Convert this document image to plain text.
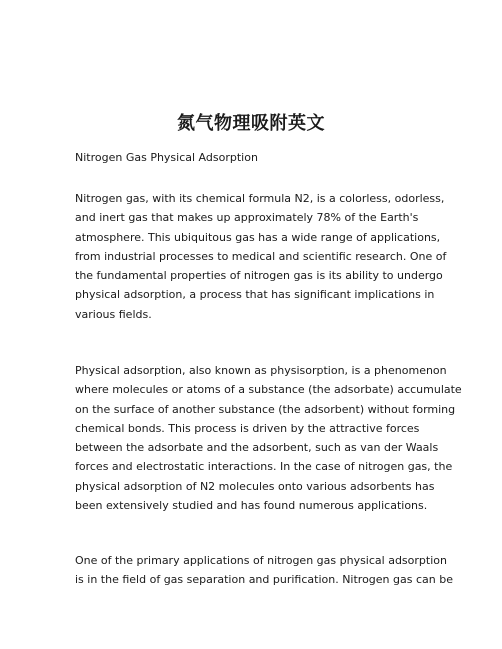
氮气物理吸附英文
Nitrogen Gas Physical Adsorption
Nitrogen gas, with its chemical formula N2, is a colorless, odorless,
and inert gas that makes up approximately 78% of the Earth's
atmosphere. This ubiquitous gas has a wide range of applications,
from industrial processes to medical and scientific research. One of
the fundamental properties of nitrogen gas is its ability to undergo
physical adsorption, a process that has significant implications in
various fields.
Physical adsorption, also known as physisorption, is a phenomenon
where molecules or atoms of a substance (the adsorbate) accumulate
on the surface of another substance (the adsorbent) without forming
chemical bonds. This process is driven by the attractive forces
between the adsorbate and the adsorbent, such as van der Waals
forces and electrostatic interactions. In the case of nitrogen gas, the
physical adsorption of N2 molecules onto various adsorbents has
been extensively studied and has found numerous applications.
One of the primary applications of nitrogen gas physical adsorption
is in the field of gas separation and purification. Nitrogen gas can be
